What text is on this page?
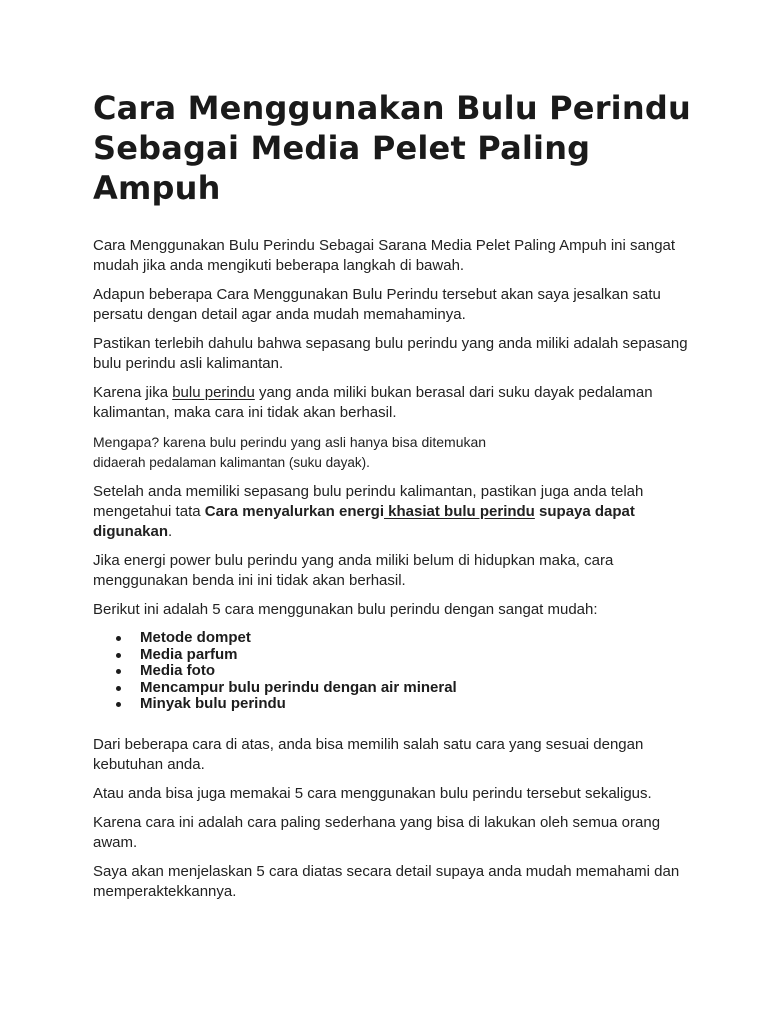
Cara Menggunakan Bulu Perindu
Sebagai Media Pelet Paling Ampuh

Cara Menggunakan Bulu Perindu Sebagai Sarana Media Pelet Paling Ampuh ini sangat mudah jika anda mengikuti beberapa langkah di bawah.

Adapun beberapa Cara Menggunakan Bulu Perindu tersebut akan saya jesalkan satu persatu dengan detail agar anda mudah memahaminya.

Pastikan terlebih dahulu bahwa sepasang bulu perindu yang anda miliki adalah sepasang bulu perindu asli kalimantan.

Karena jika bulu perindu yang anda miliki bukan berasal dari suku dayak pedalaman kalimantan, maka cara ini tidak akan berhasil.

Mengapa? karena bulu perindu yang asli hanya bisa ditemukan
didaerah pedalaman kalimantan (suku dayak).

Setelah anda memiliki sepasang bulu perindu kalimantan, pastikan juga anda telah mengetahui tata Cara menyalurkan energi khasiat bulu perindu supaya dapat digunakan.

Jika energi power bulu perindu yang anda miliki belum di hidupkan maka, cara menggunakan benda ini ini tidak akan berhasil.

Berikut ini adalah 5 cara menggunakan bulu perindu dengan sangat mudah:

Metode dompet
Media parfum
Media foto
Mencampur bulu perindu dengan air mineral
Minyak bulu perindu

Dari beberapa cara di atas, anda bisa memilih salah satu cara yang sesuai dengan kebutuhan anda.

Atau anda bisa juga memakai 5 cara menggunakan bulu perindu tersebut sekaligus.

Karena cara ini adalah cara paling sederhana yang bisa di lakukan oleh semua orang awam.

Saya akan menjelaskan 5 cara diatas secara detail supaya anda mudah memahami dan memperaktekkannya.
